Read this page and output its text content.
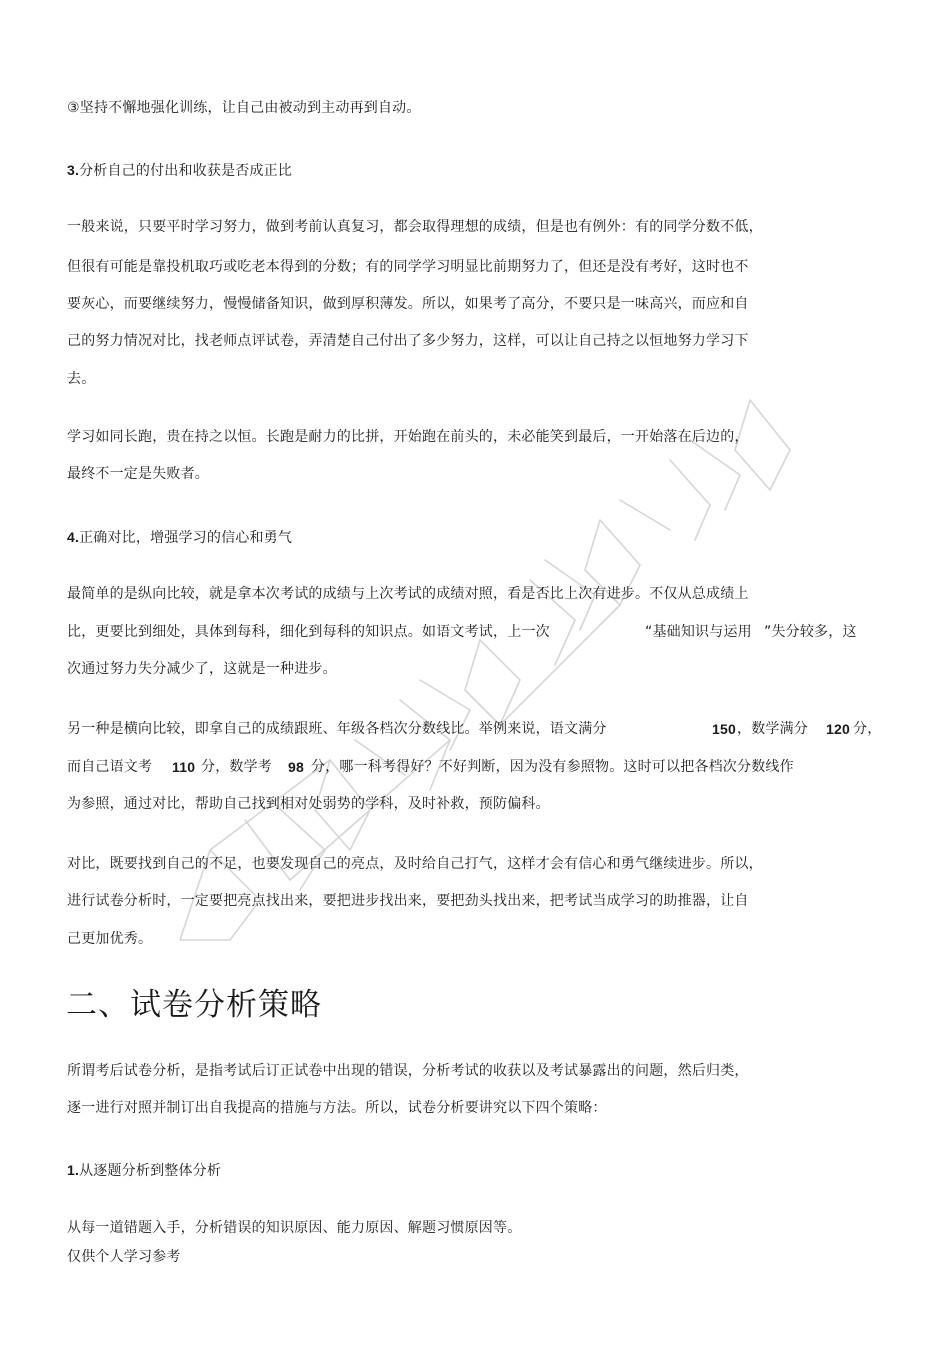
③坚持不懈地强化训练，让自己由被动到主动再到自动。
3.分析自己的付出和收获是否成正比
一般来说，只要平时学习努力，做到考前认真复习，都会取得理想的成绩，但是也有例外：有的同学分数不低，
但很有可能是靠投机取巧或吃老本得到的分数；有的同学学习明显比前期努力了，但还是没有考好，这时也不
要灰心，而要继续努力，慢慢储备知识，做到厚积薄发。所以，如果考了高分，不要只是一味高兴，而应和自
己的努力情况对比，找老师点评试卷，弄清楚自己付出了多少努力，这样，可以让自己持之以恒地努力学习下
去。
学习如同长跑，贵在持之以恒。长跑是耐力的比拼，开始跑在前头的，未必能笑到最后，一开始落在后边的，
最终不一定是失败者。
4.正确对比，增强学习的信心和勇气
最简单的是纵向比较，就是拿本次考试的成绩与上次考试的成绩对照，看是否比上次有进步。不仅从总成绩上
比，更要比到细处，具体到每科，细化到每科的知识点。如语文考试，上一次	“基础知识与运用 ”失分较多，这
次通过努力失分减少了，这就是一种进步。
另一种是横向比较，即拿自己的成绩跟班、年级各档次分数线比。举例来说，语文满分	150 ，数学满分 120 分，
而自己语文考 110 分，数学考 98 分，哪一科考得好？不好判断，因为没有参照物。这时可以把各档次分数线作
为参照，通过对比，帮助自己找到相对处弱势的学科，及时补救，预防偏科。
对比，既要找到自己的不足，也要发现自己的亮点，及时给自己打气，这样才会有信心和勇气继续进步。所以，
进行试卷分析时，一定要把亮点找出来，要把进步找出来，要把劲头找出来，把考试当成学习的助推器，让自
己更加优秀。
二、试卷分析策略
所谓考后试卷分析，是指考试后订正试卷中出现的错误，分析考试的收获以及考试暴露出的问题，然后归类，
逐一进行对照并制订出自我提高的措施与方法。所以，试卷分析要讲究以下四个策略：
1.从逐题分析到整体分析
从每一道错题入手，分析错误的知识原因、能力原因、解题习惯原因等。
仅供个人学习参考
